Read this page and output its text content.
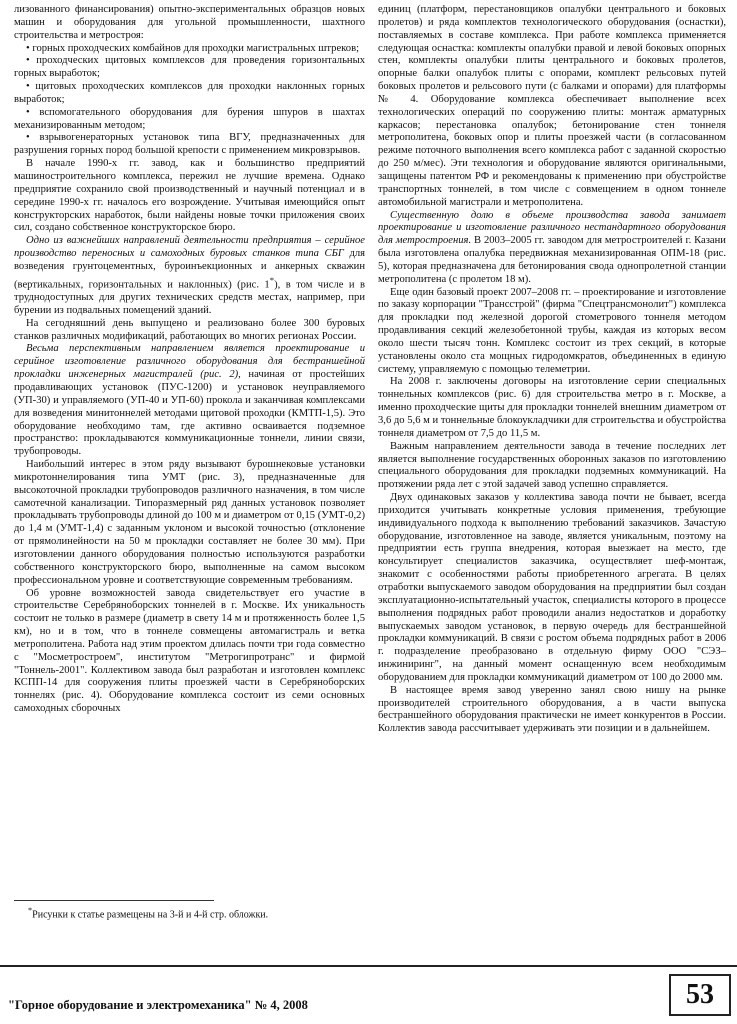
лизованного финансирования) опытно-экспериментальных образцов новых машин и оборудования для угольной промышленности, шахтного строительства и метростроя:

• горных проходческих комбайнов для проходки магистральных штреков;
• проходческих щитовых комплексов для проведения горизонтальных горных выработок;
• щитовых проходческих комплексов для проходки наклонных горных выработок;
• вспомогательного оборудования для бурения шпуров в шахтах механизированным методом;
• взрывогенераторных установок типа ВГУ, предназначенных для разрушения горных пород большой крепости с применением микровзрывов.

В начале 1990-х гг. завод, как и большинство предприятий машиностроительного комплекса, пережил не лучшие времена. Однако предприятие сохранило свой производственный и научный потенциал и в середине 1990-х гг. началось его возрождение. Учитывая имеющийся опыт конструкторских наработок, были найдены новые точки приложения своих сил, создано собственное конструкторское бюро.

Одно из важнейших направлений деятельности предприятия – серийное производство переносных и самоходных буровых станков типа СБГ для возведения грунтоцементных, буроинъекционных и анкерных скважин (вертикальных, горизонтальных и наклонных) (рис. 1*), в том числе и в труднодоступных для других технических средств местах, например, при бурении из подвальных помещений зданий.

На сегодняшний день выпущено и реализовано более 300 буровых станков различных модификаций, работающих во многих регионах России.

Весьма перспективным направлением является проектирование и серийное изготовление различного оборудования для бестраншейной прокладки инженерных магистралей (рис. 2), начиная от простейших продавливающих установок (ПУС-1200) и установок неуправляемого (УП-30) и управляемого (УП-40 и УП-60) прокола и заканчивая комплексами для возведения минитоннелей методами щитовой проходки (КМТП-1,5). Это оборудование необходимо там, где активно осваивается подземное пространство: прокладываются коммуникационные тоннели, линии связи, трубопроводы.

Наибольший интерес в этом ряду вызывают бурошнековые установки микротоннелирования типа УМТ (рис. 3), предназначенные для высокоточной прокладки трубопроводов различного назначения, в том числе самотечной канализации. Типоразмерный ряд данных установок позволяет прокладывать трубопроводы длиной до 100 м и диаметром от 0,15 (УМТ-0,2) до 1,4 м (УМТ-1,4) с заданным уклоном и высокой точностью (отклонение от прямолинейности на 50 м прокладки составляет не более 30 мм). При изготовлении данного оборудования полностью используются разработки собственного конструкторского бюро, выполненные на самом высоком профессиональном уровне и соответствующие современным требованиям.

Об уровне возможностей завода свидетельствует его участие в строительстве Серебряноборских тоннелей в г. Москве. Их уникальность состоит не только в размере (диаметр в свету 14 м и протяженность более 1,5 км), но и в том, что в тоннеле совмещены автомагистраль и ветка метрополитена. Работа над этим проектом длилась почти три года совместно с "Мосметростроем", институтом "Метрогипротранс" и фирмой "Тоннель-2001". Коллективом завода был разработан и изготовлен комплекс КСПП-14 для сооружения плиты проезжей части в Серебряноборских тоннелях (рис. 4). Оборудование комплекса состоит из семи основных самоходных сборочных

единиц (платформ, перестановщиков опалубки центрального и боковых пролетов) и ряда комплектов технологического оборудования (оснастки), поставляемых в составе комплекса. При работе комплекса применяется следующая оснастка: комплекты опалубки правой и левой боковых опорных стен, комплекты опалубки плиты центрального и боковых пролетов, опорные балки опалубок плиты с опорами, комплект рельсовых путей боковых пролетов и рельсового пути (с балками и опорами) для платформы № 4. Оборудование комплекса обеспечивает выполнение всех технологических операций по сооружению плиты: монтаж арматурных каркасов; перестановка опалубок; бетонирование стен тоннеля метрополитена, боковых опор и плиты проезжей части (в согласованном режиме поточного выполнения всего комплекса работ с заданной скоростью до 250 м/мес). Эти технология и оборудование являются оригинальными, защищены патентом РФ и рекомендованы к применению при обустройстве транспортных тоннелей, в том числе с совмещением в одном тоннеле автомобильной магистрали и метрополитена.

Существенную долю в объеме производства завода занимает проектирование и изготовление различного нестандартного оборудования для метростроения. В 2003–2005 гг. заводом для метростроителей г. Казани была изготовлена опалубка передвижная механизированная ОПМ-18 (рис. 5), которая предназначена для бетонирования свода однопролетной станции метрополитена (с пролетом 18 м).

Еще один базовый проект 2007–2008 гг. – проектирование и изготовление по заказу корпорации "Трансстрой" (фирма "Спецтрансмонолит") комплекса для прокладки под железной дорогой стометрового тоннеля методом продавливания секций железобетонной трубы, каждая из которых весом около шести тысяч тонн. Комплекс состоит из трех секций, в которые установлены около ста мощных гидродомкратов, объединенных в единую систему, управляемую с помощью телеметрии.

На 2008 г. заключены договоры на изготовление серии специальных тоннельных комплексов (рис. 6) для строительства метро в г. Москве, а именно проходческие щиты для прокладки тоннелей внешним диаметром от 3,6 до 5,6 м и тоннельные блокоукладчики для строительства и обустройства тоннеля диаметром от 7,5 до 11,5 м.

Важным направлением деятельности завода в течение последних лет является выполнение государственных оборонных заказов по изготовлению специального оборудования для прокладки подземных коммуникаций. На протяжении ряда лет с этой задачей завод успешно справляется.

Двух одинаковых заказов у коллектива завода почти не бывает, всегда приходится учитывать конкретные условия применения, требующие индивидуального подхода к выполнению требований заказчиков. Зачастую оборудование, изготовленное на заводе, является уникальным, поэтому на предприятии есть группа внедрения, которая выезжает на место, где консультирует специалистов заказчика, осуществляет шеф-монтаж, знакомит с особенностями работы приобретенного агрегата. В целях отработки выпускаемого заводом оборудования на предприятии был создан эксплуатационно-испытательный участок, специалисты которого в процессе выполнения подрядных работ проводили анализ недостатков и доработку выпускаемых заводом установок, в первую очередь для бестраншейной прокладки коммуникаций. В связи с ростом объема подрядных работ в 2006 г. подразделение преобразовано в отдельную фирму ООО "СЭЗ–инжиниринг", на данный момент оснащенную всем необходимым оборудованием для прокладки коммуникаций диаметром от 100 до 2000 мм.

В настоящее время завод уверенно занял свою нишу на рынке производителей строительного оборудования, а в части выпуска бестраншейного оборудования практически не имеет конкурентов в России. Коллектив завода рассчитывает удерживать эти позиции и в дальнейшем.

*Рисунки к статье размещены на 3-й и 4-й стр. обложки.
"Горное оборудование и электромеханика" № 4, 2008	53
